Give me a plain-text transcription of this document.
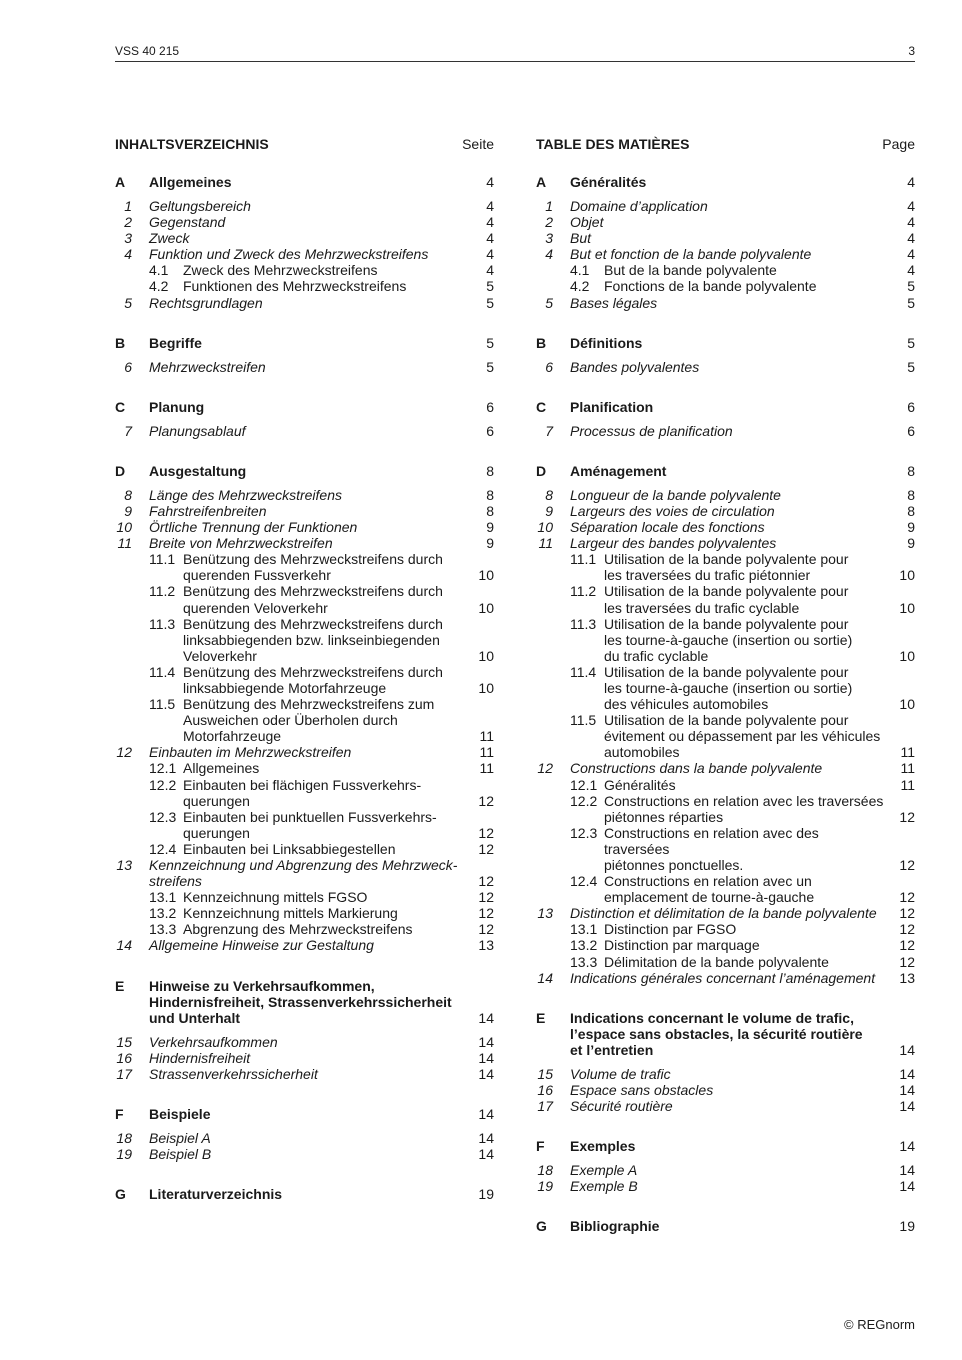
VSS 40 215	3
INHALTSVERZEICHNIS	Seite
A	Allgemeines	4
1 Geltungsbereich	4
2 Gegenstand	4
3 Zweck	4
4 Funktion und Zweck des Mehrzweckstreifens	4
4.1	Zweck des Mehrzweckstreifens	4
4.2	Funktionen des Mehrzweckstreifens	5
5 Rechtsgrundlagen	5
B	Begriffe	5
6 Mehrzweckstreifen	5
C	Planung	6
7 Planungsablauf	6
D	Ausgestaltung	8
8 Länge des Mehrzweckstreifens	8
9 Fahrstreifenbreiten	8
10 Örtliche Trennung der Funktionen	9
11 Breite von Mehrzweckstreifen	9
11.1 Benützung des Mehrzweckstreifens durch
querenden Fussverkehr	10
11.2 Benützung des Mehrzweckstreifens durch
querenden Veloverkehr	10
11.3 Benützung des Mehrzweckstreifens durch
linksabbiegenden bzw. linkseinbiegenden
Veloverkehr	10
11.4 Benützung des Mehrzweckstreifens durch
linksabbiegende Motorfahrzeuge	10
11.5 Benützung des Mehrzweckstreifens zum
Ausweichen oder Überholen durch
Motorfahrzeuge	11
12 Einbauten im Mehrzweckstreifen	11
12.1 Allgemeines	11
12.2 Einbauten bei flächigen Fussverkehrs-
querungen	12
12.3 Einbauten bei punktuellen Fussverkehrs-
querungen	12
12.4 Einbauten bei Linksabbiegestellen	12
13 Kennzeichnung und Abgrenzung des Mehrzweck-
streifens	12
13.1 Kennzeichnung mittels FGSO	12
13.2 Kennzeichnung mittels Markierung	12
13.3 Abgrenzung des Mehrzweckstreifens	12
14 Allgemeine Hinweise zur Gestaltung	13
E	Hinweise zu Verkehrsaufkommen,
Hindernisfreiheit, Strassenverkehrssicherheit
und Unterhalt	14
15 Verkehrsaufkommen	14
16 Hindernisfreiheit	14
17 Strassenverkehrssicherheit	14
F	Beispiele	14
18 Beispiel A	14
19 Beispiel B	14
G	Literaturverzeichnis	19
TABLE DES MATIÈRES	Page
A	Généralités	4
1 Domaine d’application	4
2 Objet	4
3 But	4
4 But et fonction de la bande polyvalente	4
4.1	But de la bande polyvalente	4
4.2	Fonctions de la bande polyvalente	5
5 Bases légales	5
B	Définitions	5
6 Bandes polyvalentes	5
C	Planification	6
7 Processus de planification	6
D	Aménagement	8
8 Longueur de la bande polyvalente	8
9 Largeurs des voies de circulation	8
10 Séparation locale des fonctions	9
11 Largeur des bandes polyvalentes	9
11.1 Utilisation de la bande polyvalente pour
les traversées du trafic piétonnier	10
11.2 Utilisation de la bande polyvalente pour
les traversées du trafic cyclable	10
11.3 Utilisation de la bande polyvalente pour
les tourne-à-gauche (insertion ou sortie)
du trafic cyclable	10
11.4 Utilisation de la bande polyvalente pour
les tourne-à-gauche (insertion ou sortie)
des véhicules automobiles	10
11.5 Utilisation de la bande polyvalente pour
évitement ou dépassement par les véhicules
automobiles	11
12 Constructions dans la bande polyvalente	11
12.1 Généralités	11
12.2 Constructions en relation avec les traversées
piétonnes réparties	12
12.3 Constructions en relation avec des traversées
piétonnes ponctuelles.	12
12.4 Constructions en relation avec un
emplacement de tourne-à-gauche	12
13 Distinction et délimitation de la bande polyvalente	12
13.1 Distinction par FGSO	12
13.2 Distinction par marquage	12
13.3 Délimitation de la bande polyvalente	12
14 Indications générales concernant l’aménagement	13
E	Indications concernant le volume de trafic,
l’espace sans obstacles, la sécurité routière
et l’entretien	14
15 Volume de trafic	14
16 Espace sans obstacles	14
17 Sécurité routière	14
F	Exemples	14
18 Exemple A	14
19 Exemple B	14
G	Bibliographie	19
© REGnorm
